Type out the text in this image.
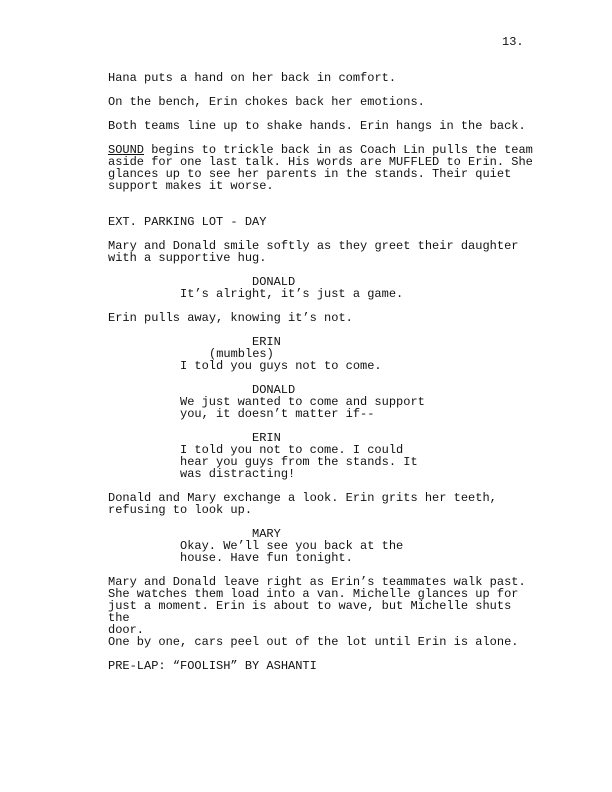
13.
Hana puts a hand on her back in comfort.
On the bench, Erin chokes back her emotions.
Both teams line up to shake hands. Erin hangs in the back.
SOUND begins to trickle back in as Coach Lin pulls the team
aside for one last talk. His words are MUFFLED to Erin. She
glances up to see her parents in the stands. Their quiet
support makes it worse.
EXT. PARKING LOT - DAY
Mary and Donald smile softly as they greet their daughter
with a supportive hug.
DONALD
It’s alright, it’s just a game.
Erin pulls away, knowing it’s not.
ERIN
(mumbles)
I told you guys not to come.
DONALD
We just wanted to come and support
you, it doesn’t matter if--
ERIN
I told you not to come. I could
hear you guys from the stands. It
was distracting!
Donald and Mary exchange a look. Erin grits her teeth,
refusing to look up.
MARY
Okay. We’ll see you back at the
house. Have fun tonight.
Mary and Donald leave right as Erin’s teammates walk past.
She watches them load into a van. Michelle glances up for
just a moment. Erin is about to wave, but Michelle shuts the
door.
One by one, cars peel out of the lot until Erin is alone.
PRE-LAP: “FOOLISH” BY ASHANTI
